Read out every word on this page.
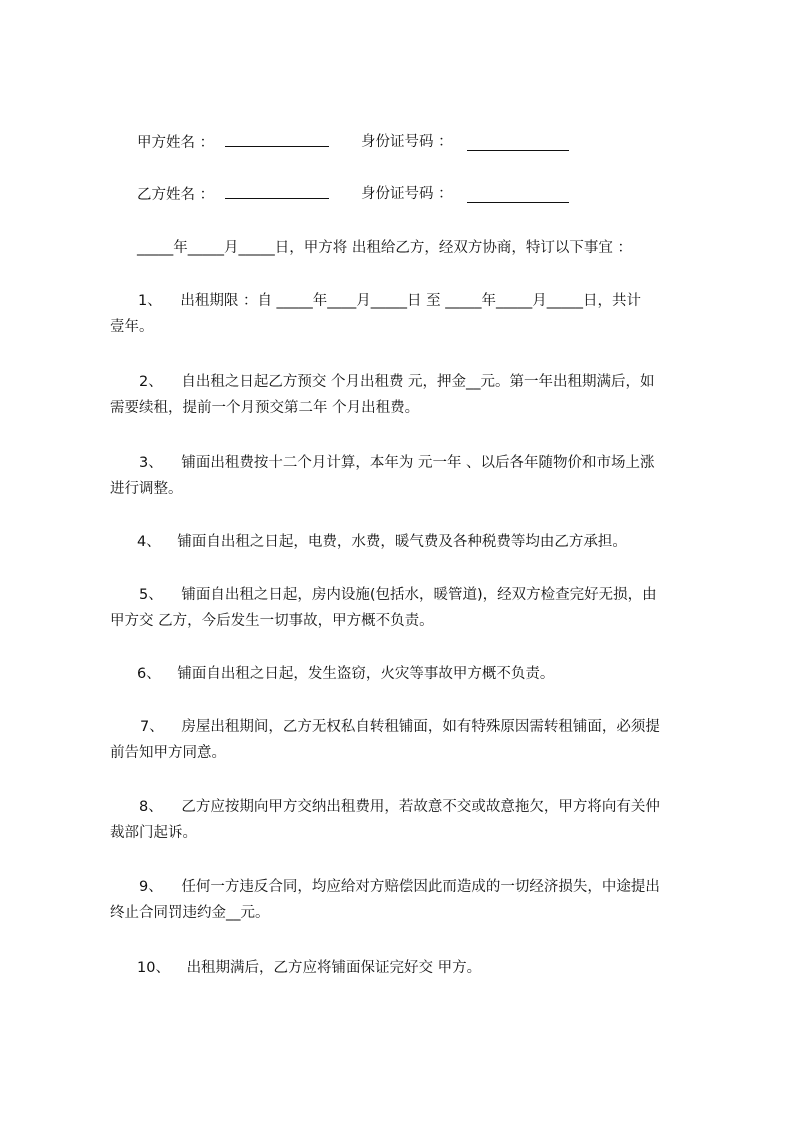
甲方姓名 ：	身份证号码 ：
乙方姓名 ：	身份证号码 ：
_____年_____月_____日，甲方将 出租给乙方，经双方协商，特订以下事宜 ：
1、 出租期限 ：自 _____年____月_____日 至 _____年_____月_____日，共计
壹年。
2、 自出租之日起乙方预交 个月出租费 元，押金__元。第一年出租期满后，如
需要续租，提前一个月预交第二年 个月出租费。
3、 铺面出租费按十二个月计算，本年为 元一年 、以后各年随物价和市场上涨
进行调整。
4、 铺面自出租之日起，电费，水费，暖气费及各种税费等均由乙方承担。
5、 铺面自出租之日起，房内设施(包括水，暖管道)，经双方检查完好无损，由
甲方交 乙方，今后发生一切事故，甲方概不负责。
6、 铺面自出租之日起，发生盗窃，火灾等事故甲方概不负责。
7、 房屋出租期间，乙方无权私自转租铺面，如有特殊原因需转租铺面，必须提
前告知甲方同意。
8、 乙方应按期向甲方交纳出租费用，若故意不交或故意拖欠，甲方将向有关仲
裁部门起诉。
9、 任何一方违反合同，均应给对方赔偿因此而造成的一切经济损失，中途提出
终止合同罚违约金__元。
10、 出租期满后，乙方应将铺面保证完好交 甲方。
